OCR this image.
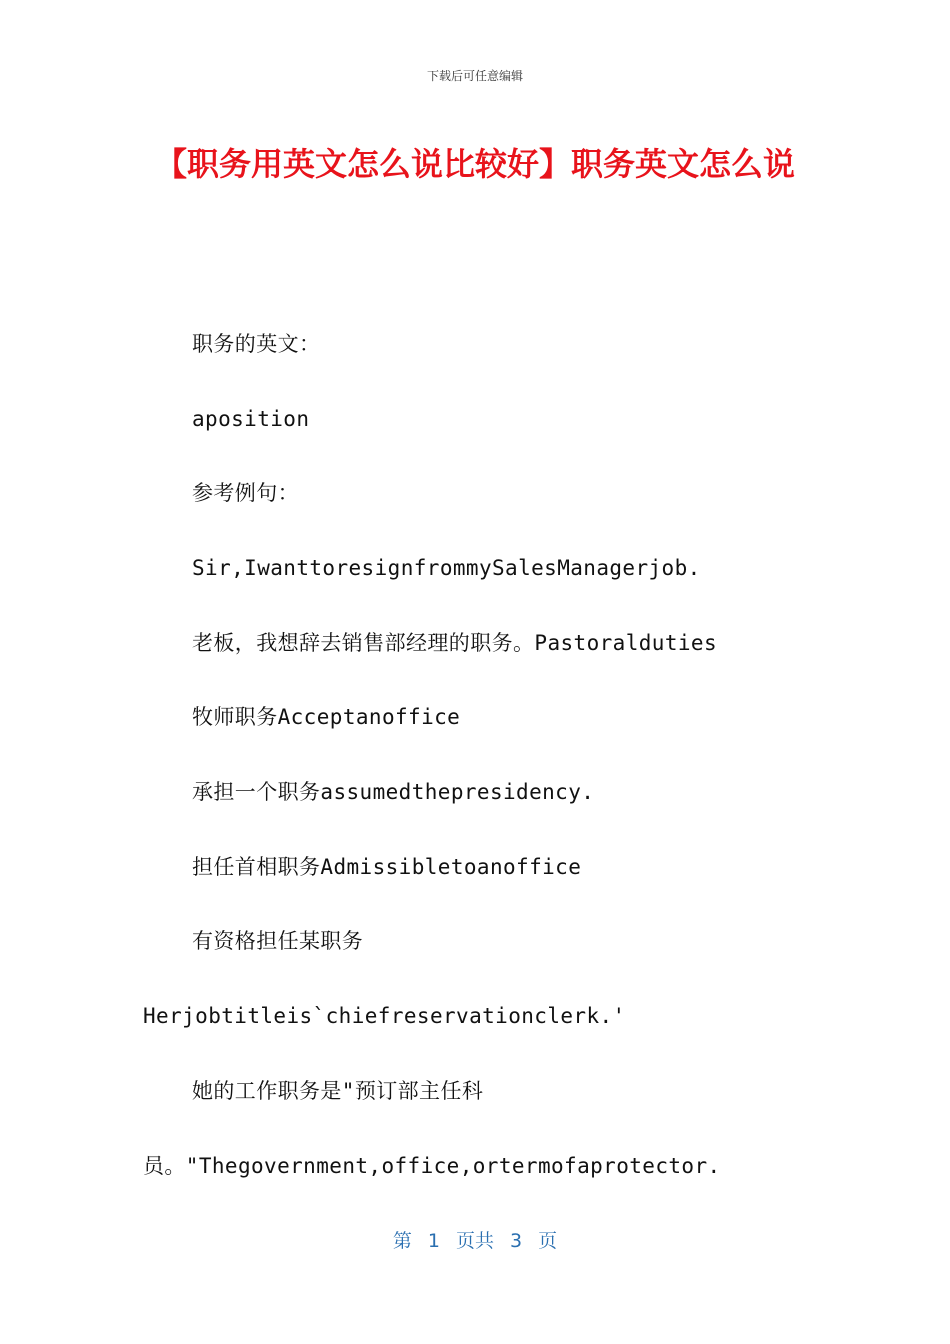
下载后可任意编辑
【职务用英文怎么说比较好】职务英文怎么说
职务的英文：
aposition
参考例句：
Sir,IwanttoresignfrommySalesManagerjob.
老板，我想辞去销售部经理的职务。Pastoralduties
牧师职务Acceptanoffice
承担一个职务assumedthepresidency.
担任首相职务Admissibletoanoffice
有资格担任某职务
Herjobtitleis`chiefreservationclerk.'
她的工作职务是"预订部主任科
员。"Thegovernment,office,ortermofaprotector.
第 1 页共 3 页
